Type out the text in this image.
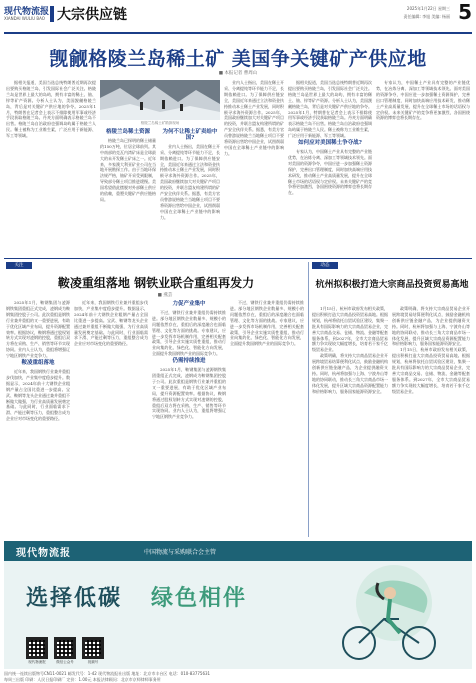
现代物流报
XIANDAI WULIU BAO 大宗供应链	2025年1月22日 星期三
责任编辑: 李旭 美编: 杨丽 5
觊觎格陵兰岛稀土矿 美国争关键矿产供应地
■ 本报记者 曹周山

据相关报道，美国当选总统特朗普近期再次提出要购买格陵兰岛，引发国际社会广泛关注。格陵兰岛是世界上最大的岛屿，拥有丰富的稀土、铀、锌等矿产资源。分析人士认为，美国觊觎格陵兰岛，背后是对关键矿产供应地的争夺。2025年1月，特朗普在记者会上表示不排除使用军事或经济手段获取格陵兰岛。丹麦方面明确表示格陵兰岛不出售。格陵兰岛自治政府也强调岛屿属于格陵兰人民。稀土被称为工业维生素，广泛应用于新能源、军工等领域。

格陵兰岛稀土矿勘探现场
格陵兰岛稀土资源

格陵兰岛已探明的稀土储量约150万吨，位居全球前列。其中南部的克瓦内湾矿床是全球最大的未开发稀土矿床之一。近年来，多家澳大利亚矿业公司在当地开展勘探工作。由于当地环保法规严格，铀矿开采受到限制，导致部分稀土项目推进缓慢。美国希望借此摆脱对外部稀土供应的依赖，重塑关键矿产供应链格局。

为何不让稀土矿卖给中国?

业内人士指出，美国在稀土开采、分离提纯等环节能力不足，长期依赖进口。为了保障供应链安全，美国近年来通过立法和资金扶持推动本土稀土产业发展，同时积极寻求海外资源合作。2025年，美国政府继续加大对关键矿产项目的投资，并联合盟友构建所谓的矿产安全伙伴关系。据悉，有美方官员曾游说格陵兰当地稀土项目不要将资源出售给中国企业，试图削弱中国在全球稀土产业链中的影响力。

业内人士指出，美国在稀土开采、分离提纯等环节能力不足，长期依赖进口。为了保障供应链安全，美国近年来通过立法和资金扶持推动本土稀土产业发展，同时积极寻求海外资源合作。2025年，美国政府继续加大对关键矿产项目的投资，并联合盟友构建所谓的矿产安全伙伴关系。据悉，有美方官员曾游说格陵兰当地稀土项目不要将资源出售给中国企业，试图削弱中国在全球稀土产业链中的影响力。

据相关报道，美国当选总统特朗普近期再次提出要购买格陵兰岛，引发国际社会广泛关注。格陵兰岛是世界上最大的岛屿，拥有丰富的稀土、铀、锌等矿产资源。分析人士认为，美国觊觎格陵兰岛，背后是对关键矿产供应地的争夺。2025年1月，特朗普在记者会上表示不排除使用军事或经济手段获取格陵兰岛。丹麦方面明确表示格陵兰岛不出售。格陵兰岛自治政府也强调岛屿属于格陵兰人民。稀土被称为工业维生素，广泛应用于新能源、军工等领域。

如何应对美国稀土争夺战?

专家认为，中国稀土产业具有完整的产业链优势，在冶炼分离、深加工等领域技术领先。面对美国的资源争夺，中国应进一步加强稀土资源保护，完善出口管理制度，同时加快高端应用技术研发，推动稀土产业高质量发展，提升在全球稀土市场的话语权与定价权。未来关键矿产的竞争将更加激烈，各国围绕资源的博弈也将长期存在。

专家认为，中国稀土产业具有完整的产业链优势，在冶炼分离、深加工等领域技术领先。面对美国的资源争夺，中国应进一步加强稀土资源保护，完善出口管理制度，同时加快高端应用技术研发，推动稀土产业高质量发展，提升在全球稀土市场的话语权与定价权。未来关键矿产的竞争将更加激烈，各国围绕资源的博弈也将长期存在。

关注
鞍凌重组落地 钢铁业联合重组再发力
■ 燕芸

2025年1月，鞍钢集团与凌源钢铁集团重组正式完成，凌钢成为鞍钢集团控股子公司。此次重组是钢铁行业兼并重组的又一重要进展，有助于优化区域产业布局，提升资源配置效率。根据协议，鞍钢将通过股权划转方式实现对凌钢的控股，重组后双方将在采购、生产、销售等环节实现协同。业内人士认为，重组将增强辽宁地区钢铁产业竞争力。

鞍凌重组落地

近年来，我国钢铁行业兼并重组步伐加快，产业集中度稳步提升。数据显示，2024年前十大钢铁企业粗钢产量占全国比重进一步提高。宝武、鞍钢等龙头企业通过兼并重组不断做大做强，为行业高质量发展奠定基础。与此同时，行业面临需求下滑、产能过剩等压力，重组整合成为企业应对市场变化的重要路径。

近年来，我国钢铁行业兼并重组步伐加快，产业集中度稳步提升。数据显示，2024年前十大钢铁企业粗钢产量占全国比重进一步提高。宝武、鞍钢等龙头企业通过兼并重组不断做大做强，为行业高质量发展奠定基础。与此同时，行业面临需求下滑、产能过剩等压力，重组整合成为企业应对市场变化的重要路径。

力促产业集中

不过，钢铁行业兼并重组仍需持续推进。部分地区钢铁企业数量多、规模小的问题依然存在，重组后的深度融合也面临管理、文化等方面的挑战。专家建议，应进一步发挥市场机制作用，完善相关配套政策，引导企业实施实质性重组，推动行业向集约化、绿色化、智能化方向发展，全面提升我国钢铁产业的国际竞争力。

仍需持续推进

2025年1月，鞍钢集团与凌源钢铁集团重组正式完成，凌钢成为鞍钢集团控股子公司。此次重组是钢铁行业兼并重组的又一重要进展，有助于优化区域产业布局，提升资源配置效率。根据协议，鞍钢将通过股权划转方式实现对凌钢的控股，重组后双方将在采购、生产、销售等环节实现协同。业内人士认为，重组将增强辽宁地区钢铁产业竞争力。

不过，钢铁行业兼并重组仍需持续推进。部分地区钢铁企业数量多、规模小的问题依然存在，重组后的深度融合也面临管理、文化等方面的挑战。专家建议，应进一步发挥市场机制作用，完善相关配套政策，引导企业实施实质性重组，推动行业向集约化、绿色化、智能化方向发展，全面提升我国钢铁产业的国际竞争力。

动态
杭州拟积极打造大宗商品投资贸易高地

1月15日，杭州市政府发布相关政策，提出积极打造大宗商品投资贸易高地。根据规划，杭州将依托自贸试验区建设，集聚一批具有国际影响力的大宗商品贸易企业，完善大宗商品交易、仓储、物流、金融等配套服务体系。到2027年，全市大宗商品贸易额力争实现较大幅度增长，培育若干家千亿级贸易企业。

政策明确，将支持大宗商品贸易企业开展跨境贸易结算便利化试点，鼓励金融机构创新供应链金融产品，为企业提供融资支持。同时，杭州将加强与上海、宁波舟山等地的协同联动，推动长三角大宗商品市场一体化发展，提升区域大宗商品资源配置能力和价格影响力，服务国家能源资源安全。

政策明确，将支持大宗商品贸易企业开展跨境贸易结算便利化试点，鼓励金融机构创新供应链金融产品，为企业提供融资支持。同时，杭州将加强与上海、宁波舟山等地的协同联动，推动长三角大宗商品市场一体化发展，提升区域大宗商品资源配置能力和价格影响力，服务国家能源资源安全。

1月15日，杭州市政府发布相关政策，提出积极打造大宗商品投资贸易高地。根据规划，杭州将依托自贸试验区建设，集聚一批具有国际影响力的大宗商品贸易企业，完善大宗商品交易、仓储、物流、金融等配套服务体系。到2027年，全市大宗商品贸易额力争实现较大幅度增长，培育若干家千亿级贸易企业。

现代物流报	中国物流与采购联合会主管
选择低碳 绿色相伴
现代物流报	微信公众号	视频号
国内统一连续出版物号CN11-0021 邮发代号：1-42 现代物流报社出版 地址：北京市丰台区 电话：010-83775631
每周三出版 印刷：人民日报印刷厂 定价：1.00元 本报法律顾问：北京市京师律师事务所
